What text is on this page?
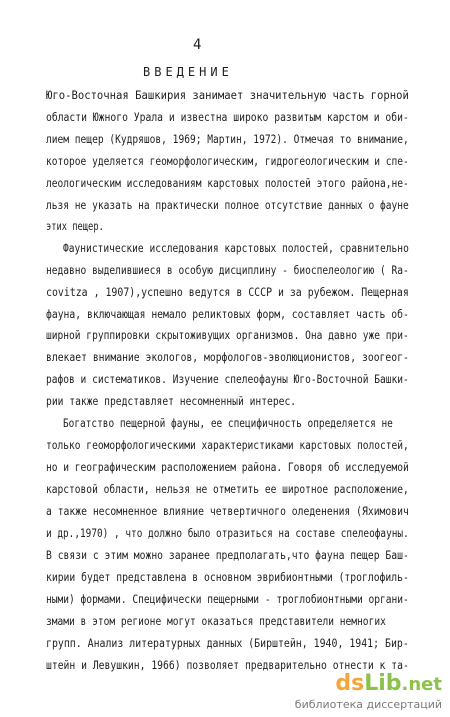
4
ВВЕДЕНИЕ
Юго-Восточная Башкирия занимает значительную часть горной
области Южного Урала и известна широко развитым карстом и оби-
лием пещер (Кудряшов, 1969; Мартин, 1972). Отмечая то внимание,
которое уделяется геоморфологическим, гидрогеологическим и спе-
леологическим исследованиям карстовых полостей этого района,не-
льзя не указать на практически полное отсутствие данных о фауне
этих пещер.
Фаунистические исследования карстовых полостей, сравнительно
недавно выделившиеся в особую дисциплину - биоспелеологию ( Ra-
covitza , 1907),успешно ведутся в СССР и за рубежом. Пещерная
фауна, включающая немало реликтовых форм, составляет часть об-
ширной группировки скрытоживущих организмов. Она давно уже при-
влекает внимание экологов, морфологов-эволюционистов, зоогеог-
рафов и систематиков. Изучение спелеофауны Юго-Восточной Башки-
рии также представляет несомненный интерес.
Богатство пещерной фауны, ее специфичность определяется не
только геоморфологическими характеристиками карстовых полостей,
но и географическим расположением района. Говоря об исследуемой
карстовой области, нельзя не отметить ее широтное расположение,
а также несомненное влияние четвертичного оледенения (Яхимович
и др.,1970) , что должно было отразиться на составе спелеофауны.
В связи с этим можно заранее предполагать,что фауна пещер Баш-
кирии будет представлена в основном эврибионтными (троглофиль-
ными) формами. Специфически пещерными - троглобионтными органи-
змами в этом регионе могут оказаться представители немногих
групп. Анализ литературных данных (Бирштейн, 1940, 1941; Бир-
штейн и Левушкин, 1966) позволяет предварительно отнести к та-
ds Lib .net
библиотека диссертаций
